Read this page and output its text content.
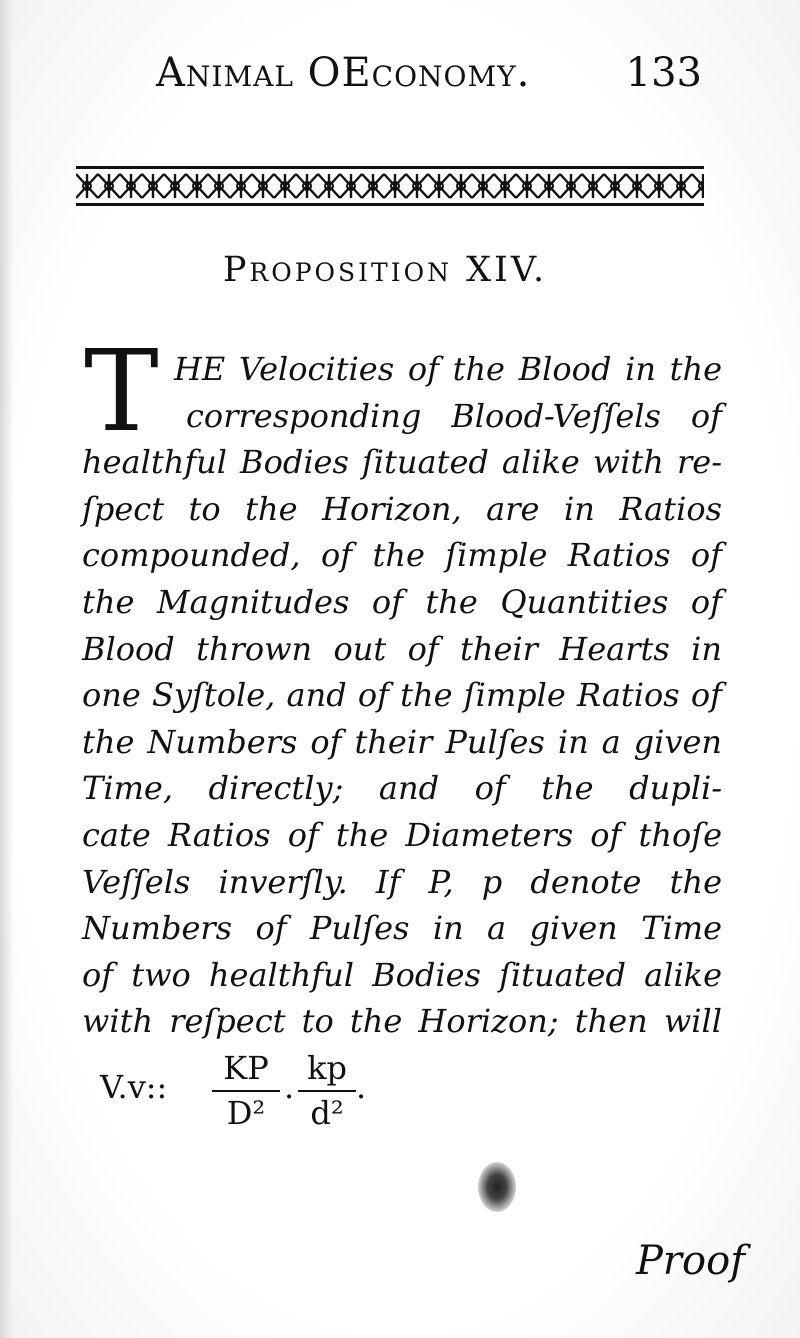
Animal OEconomy. 133
Proposition XIV.
T HE Velocities of the Blood in the
corresponding Blood-Veſſels of
healthful Bodies ſituated alike with re-
ſpect to the Horizon, are in Ratios
compounded, of the ſimple Ratios of
the Magnitudes of the Quantities of
Blood thrown out of their Hearts in
one Syſtole, and of the ſimple Ratios of
the Numbers of their Pulſes in a given
Time, directly; and of the dupli-
cate Ratios of the Diameters of thoſe
Veſſels inverſly. If P, p denote the
Numbers of Pulſes in a given Time
of two healthful Bodies ſituated alike
with reſpect to the Horizon; then will
V.v:: $\frac{KP}{\text{D²}}$ . $\frac{kp}{\text{d²}}$ .
Proof
